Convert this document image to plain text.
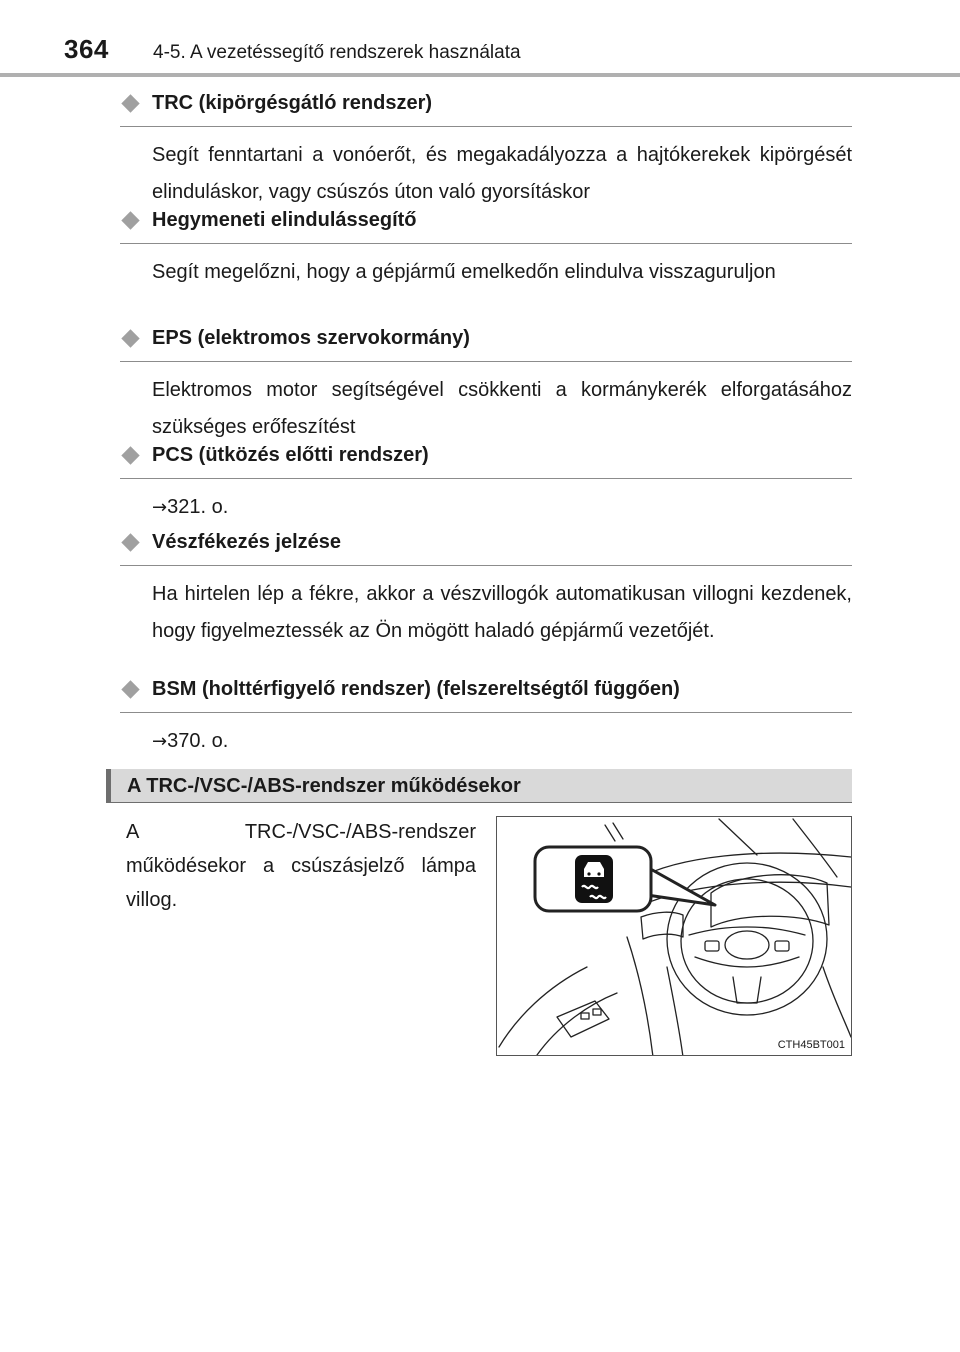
364 4-5. A vezetéssegítő rendszerek használata
TRC (kipörgésgátló rendszer)
Segít fenntartani a vonóerőt, és megakadályozza a hajtókerekek kipörgését elinduláskor, vagy csúszós úton való gyorsításkor
Hegymeneti elindulássegítő
Segít megelőzni, hogy a gépjármű emelkedőn elindulva visszaguruljon
EPS (elektromos szervokormány)
Elektromos motor segítségével csökkenti a kormánykerék elforgatásához szükséges erőfeszítést
PCS (ütközés előtti rendszer)
→321. o.
Vészfékezés jelzése
Ha hirtelen lép a fékre, akkor a vészvillogók automatikusan villogni kezdenek, hogy figyelmeztessék az Ön mögött haladó gépjármű vezetőjét.
BSM (holttérfigyelő rendszer) (felszereltségtől függően)
→370. o.
A TRC-/VSC-/ABS-rendszer működésekor
A TRC-/VSC-/ABS-rendszer működésekor a csúszásjelző lámpa villog.
CTH45BT001
